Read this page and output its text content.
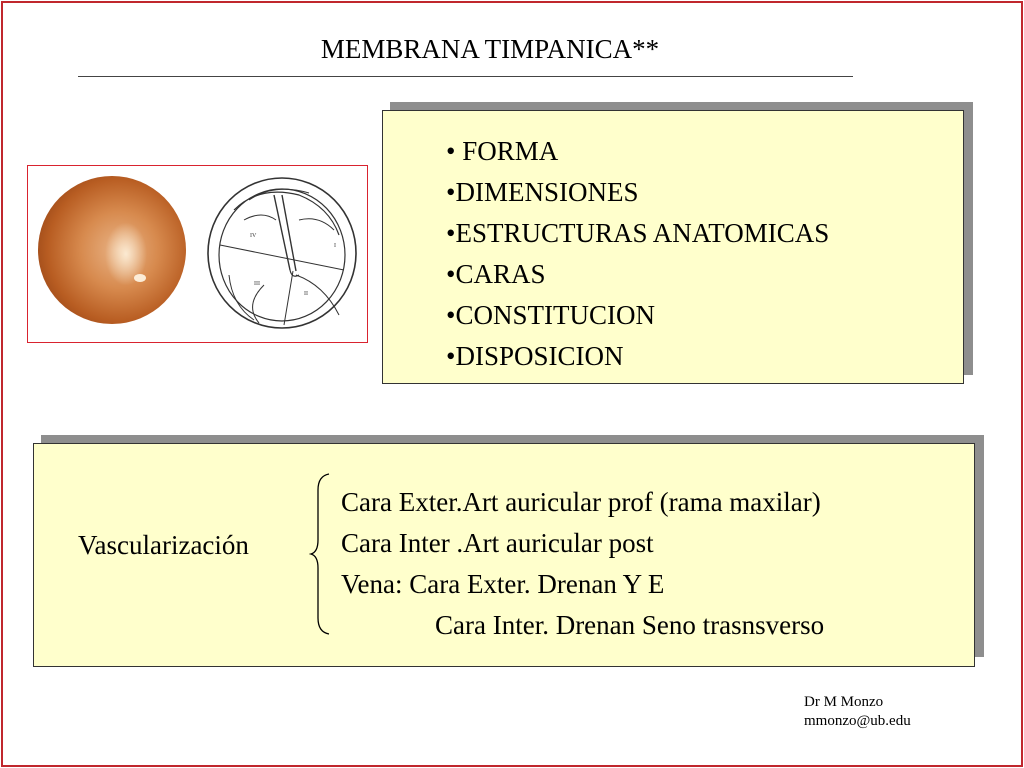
MEMBRANA TIMPANICA**
IV
I
III
II
• FORMA
•DIMENSIONES
•ESTRUCTURAS ANATOMICAS
•CARAS
•CONSTITUCION
•DISPOSICION
Vascularización
Cara Exter.Art auricular prof (rama maxilar)
Cara Inter .Art auricular post
Vena: Cara Exter. Drenan Y E
Cara Inter. Drenan Seno trasnsverso
Dr M Monzo
mmonzo@ub.edu
